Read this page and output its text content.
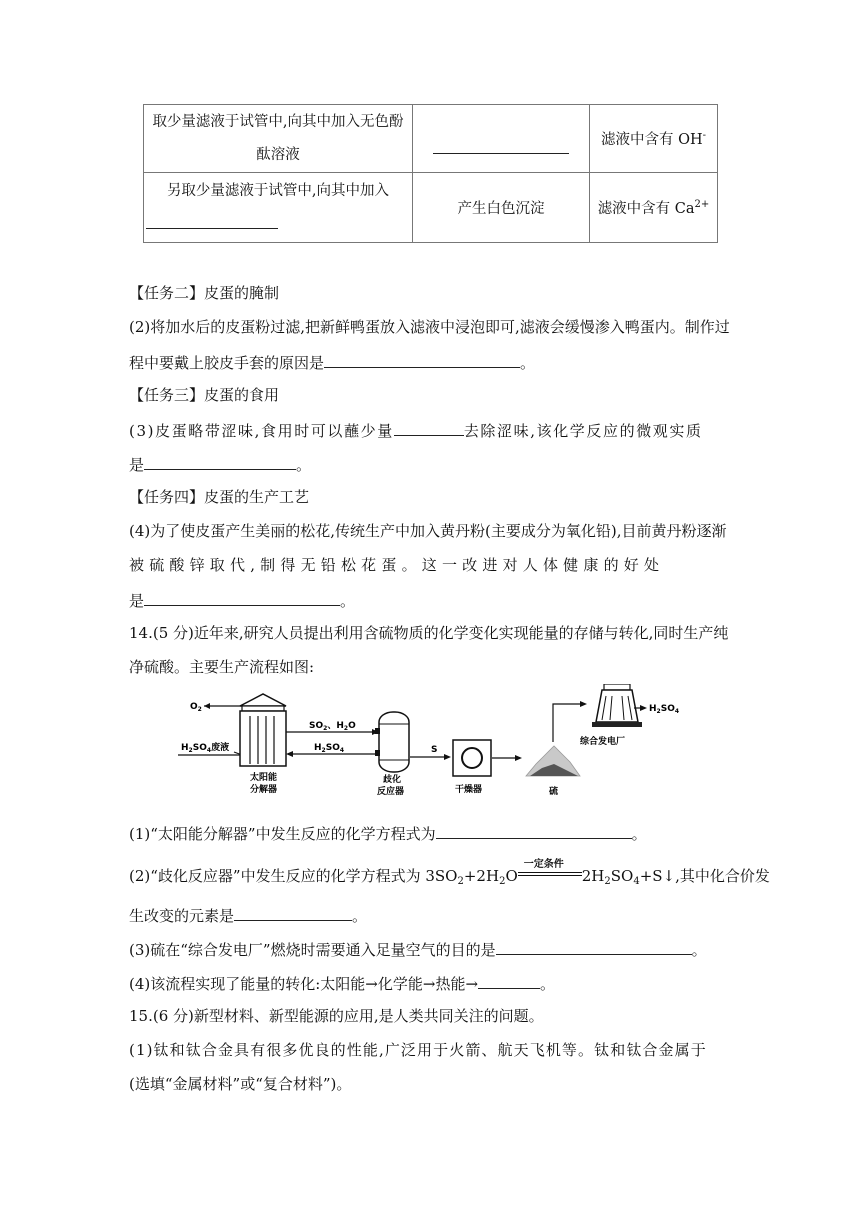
取少量滤液于试管中,向其中加入无色酚
酞溶液		滤液中含有 OH-

另取少量滤液于试管中,向其中加入	产生白色沉淀	滤液中含有 $Ca^{2+}$
【任务二】皮蛋的腌制
(2)将加水后的皮蛋粉过滤,把新鲜鸭蛋放入滤液中浸泡即可,滤液会缓慢渗入鸭蛋内。制作过
程中要戴上胶皮手套的原因是	。
【任务三】皮蛋的食用
(3)皮蛋略带涩味,食用时可以蘸少量	去除涩味,该化学反应的微观实质
是	。
【任务四】皮蛋的生产工艺
(4)为了使皮蛋产生美丽的松花,传统生产中加入黄丹粉(主要成分为氧化铅),目前黄丹粉逐渐
被硫酸锌取代,制得无铅松花蛋。这一改进对人体健康的好处
是	。
14.(5 分)近年来,研究人员提出利用含硫物质的化学变化实现能量的存储与转化,同时生产纯
净硫酸。主要生产流程如图:
$O_2$
$H_2SO_4$废液
太阳能
分解器
$SO_2$、$H_2O$
$H_2SO_4$
歧化
反应器
S
干燥器	硫
$H_2SO_4$
综合发电厂
(1)“太阳能分解器”中发生反应的化学方程式为	。
(2)“歧化反应器”中发生反应的化学方程式为 $3SO_2+2H_2O$
一定条件
$2H_2SO_4+S↓$,其中化合价发
生改变的元素是	。
(3)硫在“综合发电厂”燃烧时需要通入足量空气的目的是	。
(4)该流程实现了能量的转化:太阳能→化学能→热能→	。
15.(6 分)新型材料、新型能源的应用,是人类共同关注的问题。
(1)钛和钛合金具有很多优良的性能,广泛用于火箭、航天飞机等。钛和钛合金属于
(选填“金属材料”或“复合材料”)。
